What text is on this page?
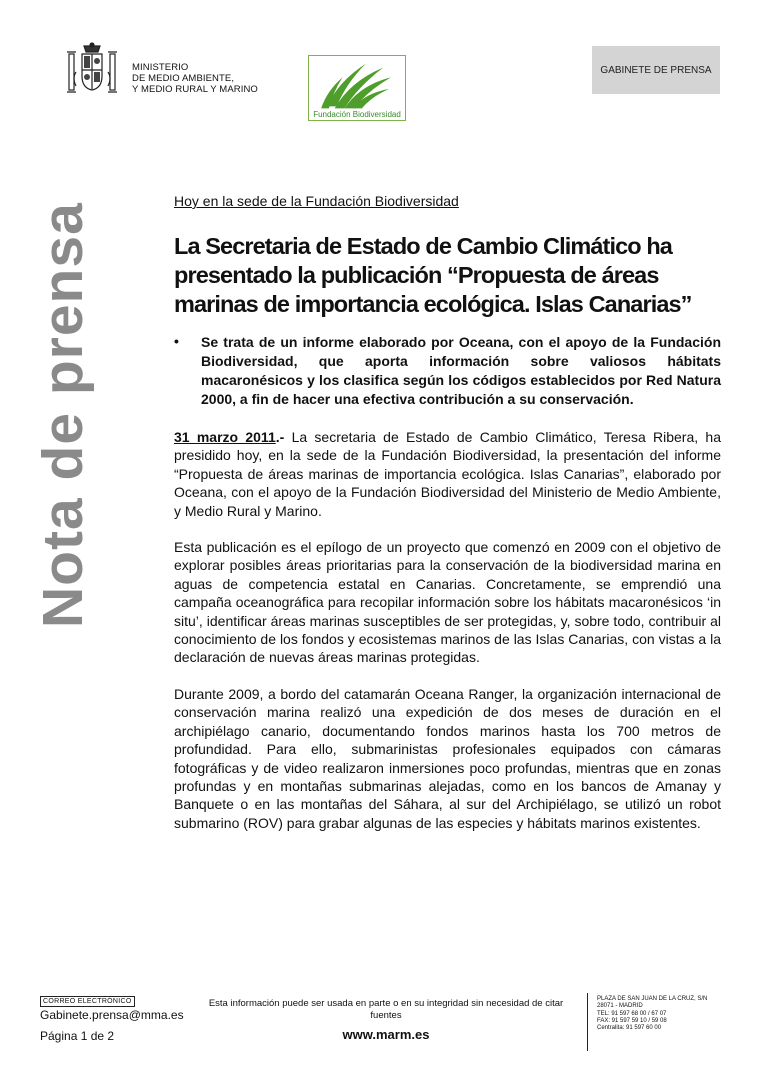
MINISTERIO
DE MEDIO AMBIENTE,
Y MEDIO RURAL Y MARINO
Fundación Biodiversidad
GABINETE DE PRENSA
Nota de prensa
Hoy en la sede de la Fundación Biodiversidad
La Secretaria de Estado de Cambio Climático ha presentado la publicación “Propuesta de áreas marinas de importancia ecológica. Islas Canarias”
•	Se trata de un informe elaborado por Oceana, con el apoyo de la Fundación Biodiversidad, que aporta información sobre valiosos hábitats macaronésicos y los clasifica según los códigos establecidos por Red Natura 2000, a fin de hacer una efectiva contribución a su conservación.
31 marzo 2011.- La secretaria de Estado de Cambio Climático, Teresa Ribera, ha presidido hoy, en la sede de la Fundación Biodiversidad, la presentación del informe “Propuesta de áreas marinas de importancia ecológica. Islas Canarias”, elaborado por Oceana, con el apoyo de la Fundación Biodiversidad del Ministerio de Medio Ambiente, y Medio Rural y Marino.
Esta publicación es el epílogo de un proyecto que comenzó en 2009 con el objetivo de explorar posibles áreas prioritarias para la conservación de la biodiversidad marina en aguas de competencia estatal en Canarias. Concretamente, se emprendió una campaña oceanográfica para recopilar información sobre los hábitats macaronésicos ‘in situ’, identificar áreas marinas susceptibles de ser protegidas, y, sobre todo, contribuir al conocimiento de los fondos y ecosistemas marinos de las Islas Canarias, con vistas a la declaración de nuevas áreas marinas protegidas.
Durante 2009, a bordo del catamarán Oceana Ranger, la organización internacional de conservación marina realizó una expedición de dos meses de duración en el archipiélago canario, documentando fondos marinos hasta los 700 metros de profundidad. Para ello, submarinistas profesionales equipados con cámaras fotográficas y de video realizaron inmersiones poco profundas, mientras que en zonas profundas y en montañas submarinas alejadas, como en los bancos de Amanay y Banquete o en las montañas del Sáhara, al sur del Archipiélago, se utilizó un robot submarino (ROV) para grabar algunas de las especies y hábitats marinos existentes.
CORREO ELECTRÓNICO
Gabinete.prensa@mma.es
Página 1 de 2
Esta información puede ser usada en parte o en su integridad sin necesidad de citar fuentes
www.marm.es
PLAZA DE SAN JUAN DE LA CRUZ, S/N
28071 - MADRID
TEL: 91 597 68 00 / 67 07
FAX: 91 597 59 10 / 59 08
Centralita: 91 597 60 00
